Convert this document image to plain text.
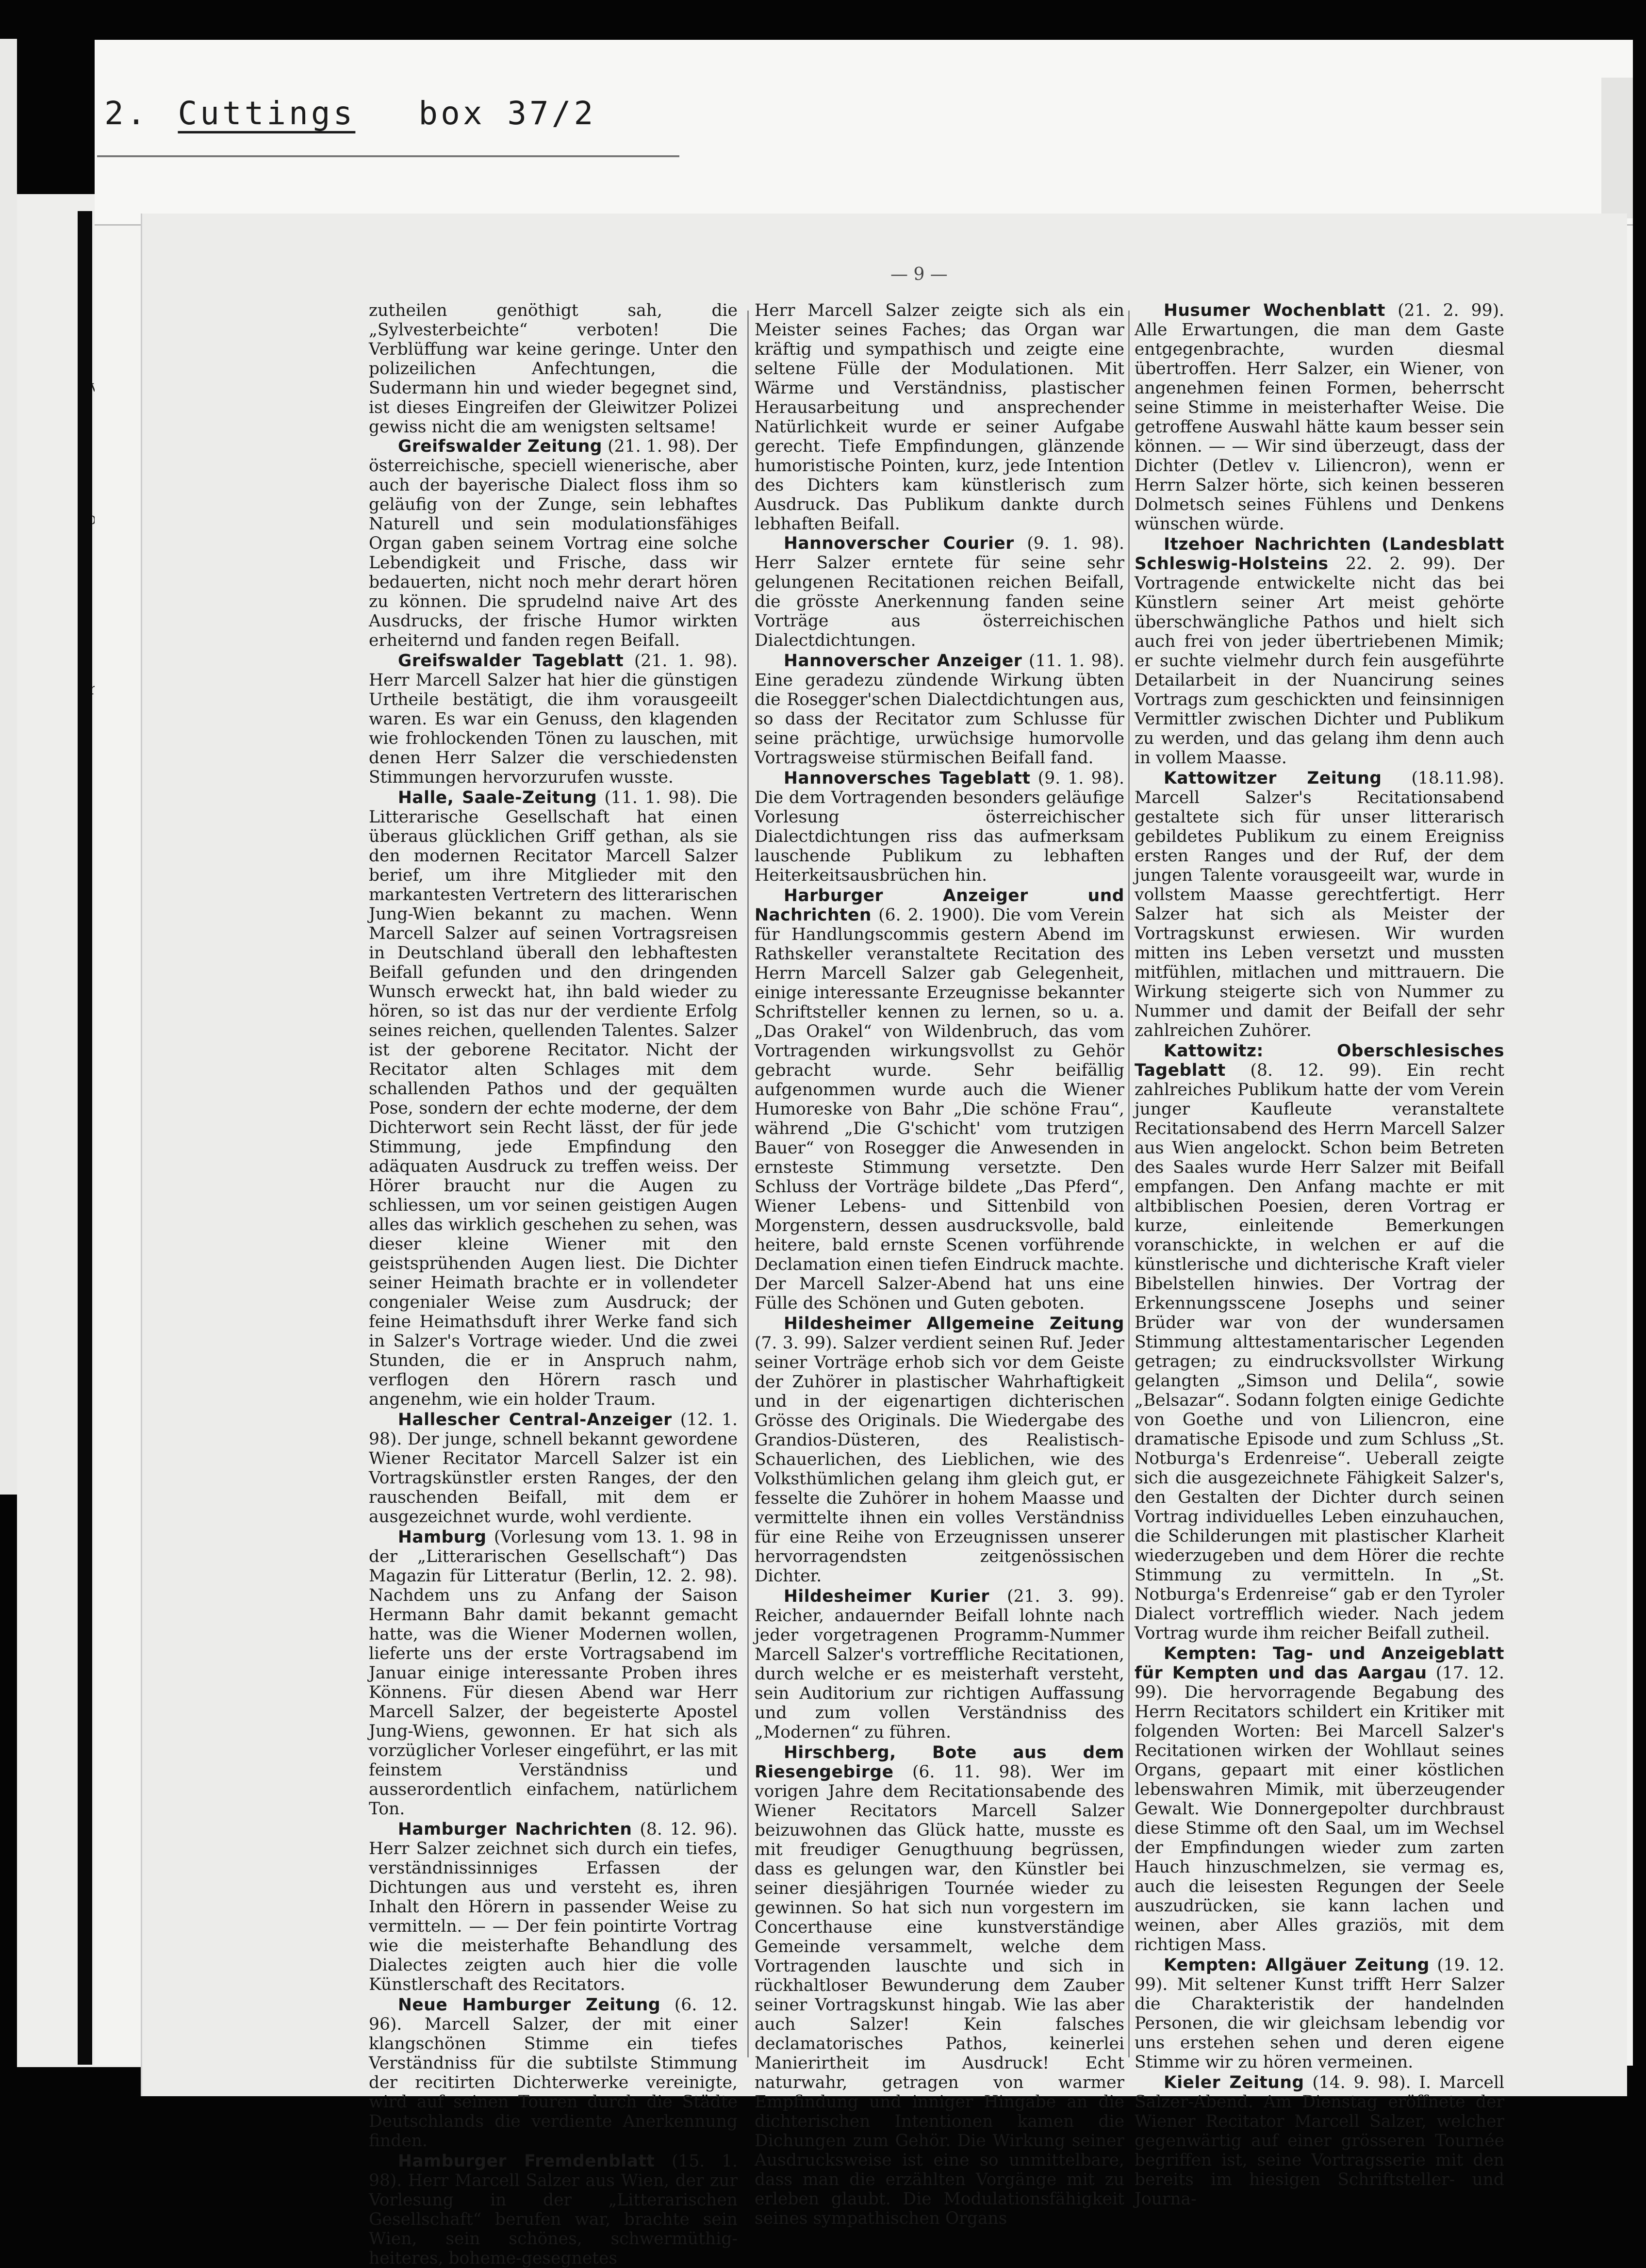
2. Cuttings box 37/2
— 9 —

zutheilen genöthigt sah, die „Sylvesterbeichte“ verboten! Die Verblüffung war keine geringe. Unter den polizeilichen Anfechtungen, die Sudermann hin und wieder begegnet sind, ist dieses Eingreifen der Gleiwitzer Polizei gewiss nicht die am wenigsten seltsame!

Greifswalder Zeitung (21. 1. 98). Der österreichische, speciell wienerische, aber auch der bayerische Dialect floss ihm so geläufig von der Zunge, sein lebhaftes Naturell und sein modulationsfähiges Organ gaben seinem Vortrag eine solche Lebendigkeit und Frische, dass wir bedauerten, nicht noch mehr derart hören zu können. Die sprudelnd naive Art des Ausdrucks, der frische Humor wirkten erheiternd und fanden regen Beifall.

Greifswalder Tageblatt (21. 1. 98). Herr Marcell Salzer hat hier die günstigen Urtheile bestätigt, die ihm vorausgeeilt waren. Es war ein Genuss, den klagenden wie frohlockenden Tönen zu lauschen, mit denen Herr Salzer die verschiedensten Stimmungen hervorzurufen wusste.

Halle, Saale-Zeitung (11. 1. 98). Die Litterarische Gesellschaft hat einen überaus glücklichen Griff gethan, als sie den modernen Recitator Marcell Salzer berief, um ihre Mitglieder mit den markantesten Vertretern des litterarischen Jung-Wien bekannt zu machen. Wenn Marcell Salzer auf seinen Vortragsreisen in Deutschland überall den lebhaftesten Beifall gefunden und den dringenden Wunsch erweckt hat, ihn bald wieder zu hören, so ist das nur der verdiente Erfolg seines reichen, quellenden Talentes. Salzer ist der geborene Recitator. Nicht der Recitator alten Schlages mit dem schallenden Pathos und der gequälten Pose, sondern der echte moderne, der dem Dichterwort sein Recht lässt, der für jede Stimmung, jede Empfindung den adäquaten Ausdruck zu treffen weiss. Der Hörer braucht nur die Augen zu schliessen, um vor seinen geistigen Augen alles das wirklich geschehen zu sehen, was dieser kleine Wiener mit den geistsprühenden Augen liest. Die Dichter seiner Heimath brachte er in vollendeter congenialer Weise zum Ausdruck; der feine Heimathsduft ihrer Werke fand sich in Salzer's Vortrage wieder. Und die zwei Stunden, die er in Anspruch nahm, verflogen den Hörern rasch und angenehm, wie ein holder Traum.

Hallescher Central-Anzeiger (12. 1. 98). Der junge, schnell bekannt gewordene Wiener Recitator Marcell Salzer ist ein Vortragskünstler ersten Ranges, der den rauschenden Beifall, mit dem er ausgezeichnet wurde, wohl verdiente.

Hamburg (Vorlesung vom 13. 1. 98 in der „Litterarischen Gesellschaft“) Das Magazin für Litteratur (Berlin, 12. 2. 98). Nachdem uns zu Anfang der Saison Hermann Bahr damit bekannt gemacht hatte, was die Wiener Modernen wollen, lieferte uns der erste Vortragsabend im Januar einige interessante Proben ihres Könnens. Für diesen Abend war Herr Marcell Salzer, der begeisterte Apostel Jung-Wiens, gewonnen. Er hat sich als vorzüglicher Vorleser eingeführt, er las mit feinstem Verständniss und ausserordentlich einfachem, natürlichem Ton.

Hamburger Nachrichten (8. 12. 96). Herr Salzer zeichnet sich durch ein tiefes, verständnissinniges Erfassen der Dichtungen aus und versteht es, ihren Inhalt den Hörern in passender Weise zu vermitteln. — — Der fein pointirte Vortrag wie die meisterhafte Behandlung des Dialectes zeigten auch hier die volle Künstlerschaft des Recitators.

Neue Hamburger Zeitung (6. 12. 96). Marcell Salzer, der mit einer klangschönen Stimme ein tiefes Verständniss für die subtilste Stimmung der recitirten Dichterwerke vereinigte, wird auf seinen Touren durch die Städte Deutschlands die verdiente Anerkennung finden.

Hamburger Fremdenblatt (15. 1. 98). Herr Marcell Salzer aus Wien, der zur Vorlesung in der „Litterarischen Gesellschaft“ berufen war, brachte sein Wien, sein schönes, schwermüthig-heiteres, boheme-gesegnetes

Herr Marcell Salzer zeigte sich als ein Meister seines Faches; das Organ war kräftig und sympathisch und zeigte eine seltene Fülle der Modulationen. Mit Wärme und Verständniss, plastischer Herausarbeitung und ansprechender Natürlichkeit wurde er seiner Aufgabe gerecht. Tiefe Empfindungen, glänzende humoristische Pointen, kurz, jede Intention des Dichters kam künstlerisch zum Ausdruck. Das Publikum dankte durch lebhaften Beifall.

Hannoverscher Courier (9. 1. 98). Herr Salzer erntete für seine sehr gelungenen Recitationen reichen Beifall, die grösste Anerkennung fanden seine Vorträge aus österreichischen Dialectdichtungen.

Hannoverscher Anzeiger (11. 1. 98). Eine geradezu zündende Wirkung übten die Rosegger'schen Dialectdichtungen aus, so dass der Recitator zum Schlusse für seine prächtige, urwüchsige humorvolle Vortragsweise stürmischen Beifall fand.

Hannoversches Tageblatt (9. 1. 98). Die dem Vortragenden besonders geläufige Vorlesung österreichischer Dialectdichtungen riss das aufmerksam lauschende Publikum zu lebhaften Heiterkeitsausbrüchen hin.

Harburger Anzeiger und Nachrichten (6. 2. 1900). Die vom Verein für Handlungscommis gestern Abend im Rathskeller veranstaltete Recitation des Herrn Marcell Salzer gab Gelegenheit, einige interessante Erzeugnisse bekannter Schriftsteller kennen zu lernen, so u. a. „Das Orakel“ von Wildenbruch, das vom Vortragenden wirkungsvollst zu Gehör gebracht wurde. Sehr beifällig aufgenommen wurde auch die Wiener Humoreske von Bahr „Die schöne Frau“, während „Die G'schicht' vom trutzigen Bauer“ von Rosegger die Anwesenden in ernsteste Stimmung versetzte. Den Schluss der Vorträge bildete „Das Pferd“, Wiener Lebens- und Sittenbild von Morgenstern, dessen ausdrucksvolle, bald heitere, bald ernste Scenen vorführende Declamation einen tiefen Eindruck machte. Der Marcell Salzer-Abend hat uns eine Fülle des Schönen und Guten geboten.

Hildesheimer Allgemeine Zeitung (7. 3. 99). Salzer verdient seinen Ruf. Jeder seiner Vorträge erhob sich vor dem Geiste der Zuhörer in plastischer Wahrhaftigkeit und in der eigenartigen dichterischen Grösse des Originals. Die Wiedergabe des Grandios-Düsteren, des Realistisch-Schauerlichen, des Lieblichen, wie des Volksthümlichen gelang ihm gleich gut, er fesselte die Zuhörer in hohem Maasse und vermittelte ihnen ein volles Verständniss für eine Reihe von Erzeugnissen unserer hervorragendsten zeitgenössischen Dichter.

Hildesheimer Kurier (21. 3. 99). Reicher, andauernder Beifall lohnte nach jeder vorgetragenen Programm-Nummer Marcell Salzer's vortreffliche Recitationen, durch welche er es meisterhaft versteht, sein Auditorium zur richtigen Auffassung und zum vollen Verständniss des „Modernen“ zu führen.

Hirschberg, Bote aus dem Riesengebirge (6. 11. 98). Wer im vorigen Jahre dem Recitationsabende des Wiener Recitators Marcell Salzer beizuwohnen das Glück hatte, musste es mit freudiger Genugthuung begrüssen, dass es gelungen war, den Künstler bei seiner diesjährigen Tournée wieder zu gewinnen. So hat sich nun vorgestern im Concerthause eine kunstverständige Gemeinde versammelt, welche dem Vortragenden lauschte und sich in rückhaltloser Bewunderung dem Zauber seiner Vortragskunst hingab. Wie las aber auch Salzer! Kein falsches declamatorisches Pathos, keinerlei Manierirtheit im Ausdruck! Echt naturwahr, getragen von warmer Empfindung und inniger Hingabe an die dichterischen Intentionen kamen die Dichungen zum Gehör. Die Wirkung seiner Ausdrucksweise ist eine so unmittelbare, dass man die erzählten Vorgänge mit zu erleben glaubt. Die Modulationsfähigkeit seines sympathischen Organs

Husumer Wochenblatt (21. 2. 99). Alle Erwartungen, die man dem Gaste entgegenbrachte, wurden diesmal übertroffen. Herr Salzer, ein Wiener, von angenehmen feinen Formen, beherrscht seine Stimme in meisterhafter Weise. Die getroffene Auswahl hätte kaum besser sein können. — — Wir sind überzeugt, dass der Dichter (Detlev v. Liliencron), wenn er Herrn Salzer hörte, sich keinen besseren Dolmetsch seines Fühlens und Denkens wünschen würde.

Itzehoer Nachrichten (Landesblatt Schleswig-Holsteins 22. 2. 99). Der Vortragende entwickelte nicht das bei Künstlern seiner Art meist gehörte überschwängliche Pathos und hielt sich auch frei von jeder übertriebenen Mimik; er suchte vielmehr durch fein ausgeführte Detailarbeit in der Nuancirung seines Vortrags zum geschickten und feinsinnigen Vermittler zwischen Dichter und Publikum zu werden, und das gelang ihm denn auch in vollem Maasse.

Kattowitzer Zeitung (18.11.98). Marcell Salzer's Recitationsabend gestaltete sich für unser litterarisch gebildetes Publikum zu einem Ereigniss ersten Ranges und der Ruf, der dem jungen Talente vorausgeeilt war, wurde in vollstem Maasse gerechtfertigt. Herr Salzer hat sich als Meister der Vortragskunst erwiesen. Wir wurden mitten ins Leben versetzt und mussten mitfühlen, mitlachen und mittrauern. Die Wirkung steigerte sich von Nummer zu Nummer und damit der Beifall der sehr zahlreichen Zuhörer.

Kattowitz: Oberschlesisches Tageblatt (8. 12. 99). Ein recht zahlreiches Publikum hatte der vom Verein junger Kaufleute veranstaltete Recitationsabend des Herrn Marcell Salzer aus Wien angelockt. Schon beim Betreten des Saales wurde Herr Salzer mit Beifall empfangen. Den Anfang machte er mit altbiblischen Poesien, deren Vortrag er kurze, einleitende Bemerkungen voranschickte, in welchen er auf die künstlerische und dichterische Kraft vieler Bibelstellen hinwies. Der Vortrag der Erkennungsscene Josephs und seiner Brüder war von der wundersamen Stimmung alttestamentarischer Legenden getragen; zu eindrucksvollster Wirkung gelangten „Simson und Delila“, sowie „Belsazar“. Sodann folgten einige Gedichte von Goethe und von Liliencron, eine dramatische Episode und zum Schluss „St. Notburga's Erdenreise“. Ueberall zeigte sich die ausgezeichnete Fähigkeit Salzer's, den Gestalten der Dichter durch seinen Vortrag individuelles Leben einzuhauchen, die Schilderungen mit plastischer Klarheit wiederzugeben und dem Hörer die rechte Stimmung zu vermitteln. In „St. Notburga's Erdenreise“ gab er den Tyroler Dialect vortrefflich wieder. Nach jedem Vortrag wurde ihm reicher Beifall zutheil.

Kempten: Tag- und Anzeigeblatt für Kempten und das Aargau (17. 12. 99). Die hervorragende Begabung des Herrn Recitators schildert ein Kritiker mit folgenden Worten: Bei Marcell Salzer's Recitationen wirken der Wohllaut seines Organs, gepaart mit einer köstlichen lebenswahren Mimik, mit überzeugender Gewalt. Wie Donnergepolter durchbraust diese Stimme oft den Saal, um im Wechsel der Empfindungen wieder zum zarten Hauch hinzuschmelzen, sie vermag es, auch die leisesten Regungen der Seele auszudrücken, sie kann lachen und weinen, aber Alles graziös, mit dem richtigen Mass.

Kempten: Allgäuer Zeitung (19. 12. 99). Mit seltener Kunst trifft Herr Salzer die Charakteristik der handelnden Personen, die wir gleichsam lebendig vor uns erstehen sehen und deren eigene Stimme wir zu hören vermeinen.

Kieler Zeitung (14. 9. 98). I. Marcell Salzer-Abend. Am Dienstag eröffnete der Wiener Recitator Marcell Salzer, welcher gegenwärtig auf einer grösseren Tournée begriffen ist, seine Vortragsserie mit den bereits im hiesigen Schriftsteller- und Journa-
